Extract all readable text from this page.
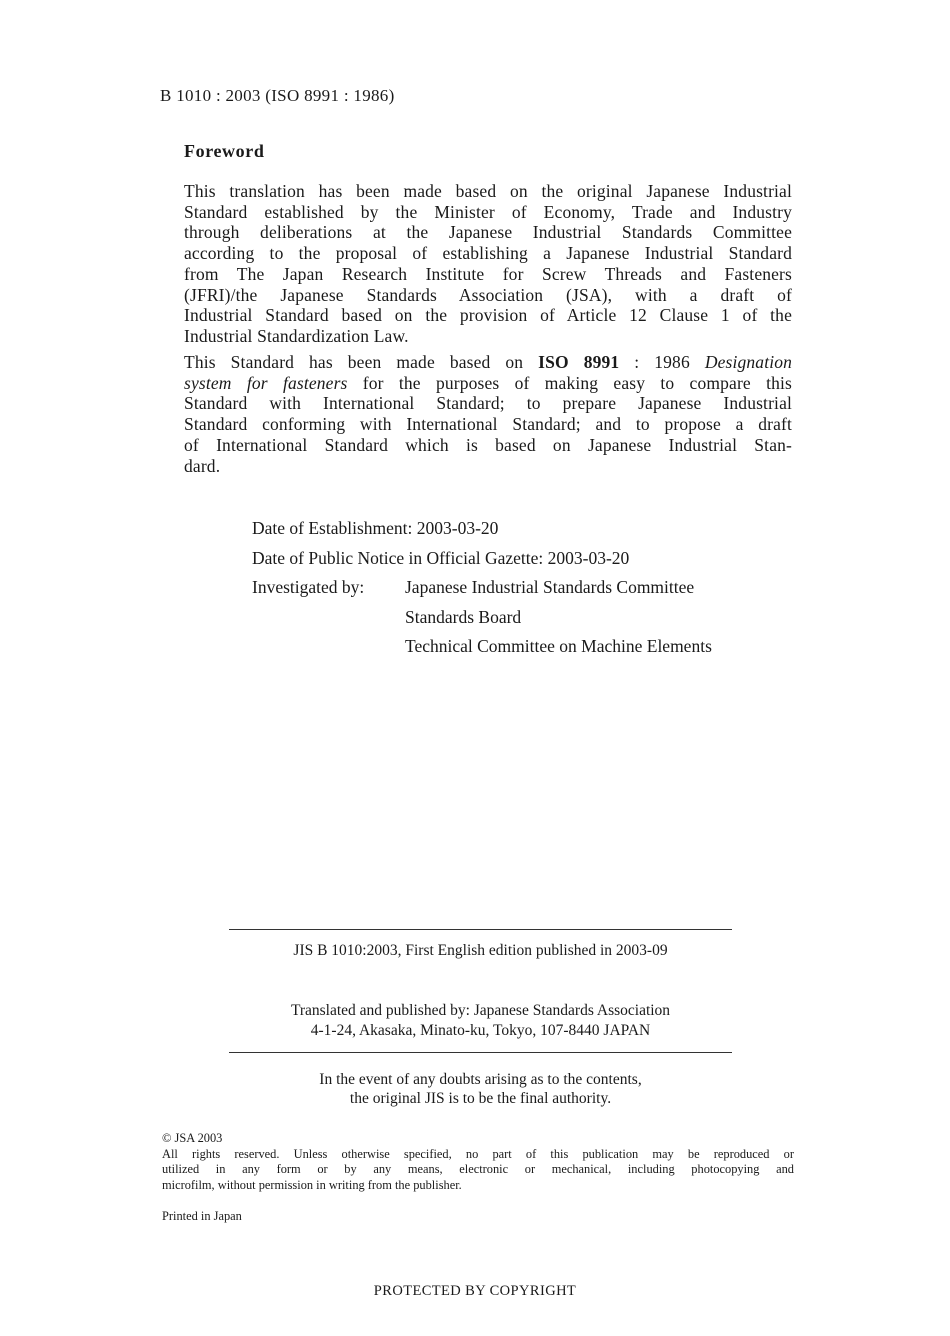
B 1010 : 2003 (ISO 8991 : 1986)
Foreword
This translation has been made based on the original Japanese Industrial
Standard established by the Minister of Economy, Trade and Industry
through deliberations at the Japanese Industrial Standards Committee
according to the proposal of establishing a Japanese Industrial Standard
from The Japan Research Institute for Screw Threads and Fasteners
(JFRI)/the Japanese Standards Association (JSA), with a draft of
Industrial Standard based on the provision of Article 12 Clause 1 of the
Industrial Standardization Law.
This Standard has been made based on ISO 8991 : 1986 Designation
system for fasteners for the purposes of making easy to compare this
Standard with International Standard; to prepare Japanese Industrial
Standard conforming with International Standard; and to propose a draft
of International Standard which is based on Japanese Industrial Stan-
dard.
Date of Establishment: 2003-03-20
Date of Public Notice in Official Gazette: 2003-03-20
Investigated by: Japanese Industrial Standards Committee
Standards Board
Technical Committee on Machine Elements
JIS B 1010:2003, First English edition published in 2003-09
Translated and published by: Japanese Standards Association
4-1-24, Akasaka, Minato-ku, Tokyo, 107-8440 JAPAN
In the event of any doubts arising as to the contents,
the original JIS is to be the final authority.
© JSA 2003
All rights reserved. Unless otherwise specified, no part of this publication may be reproduced or
utilized in any form or by any means, electronic or mechanical, including photocopying and
microfilm, without permission in writing from the publisher.
Printed in Japan
PROTECTED BY COPYRIGHT
